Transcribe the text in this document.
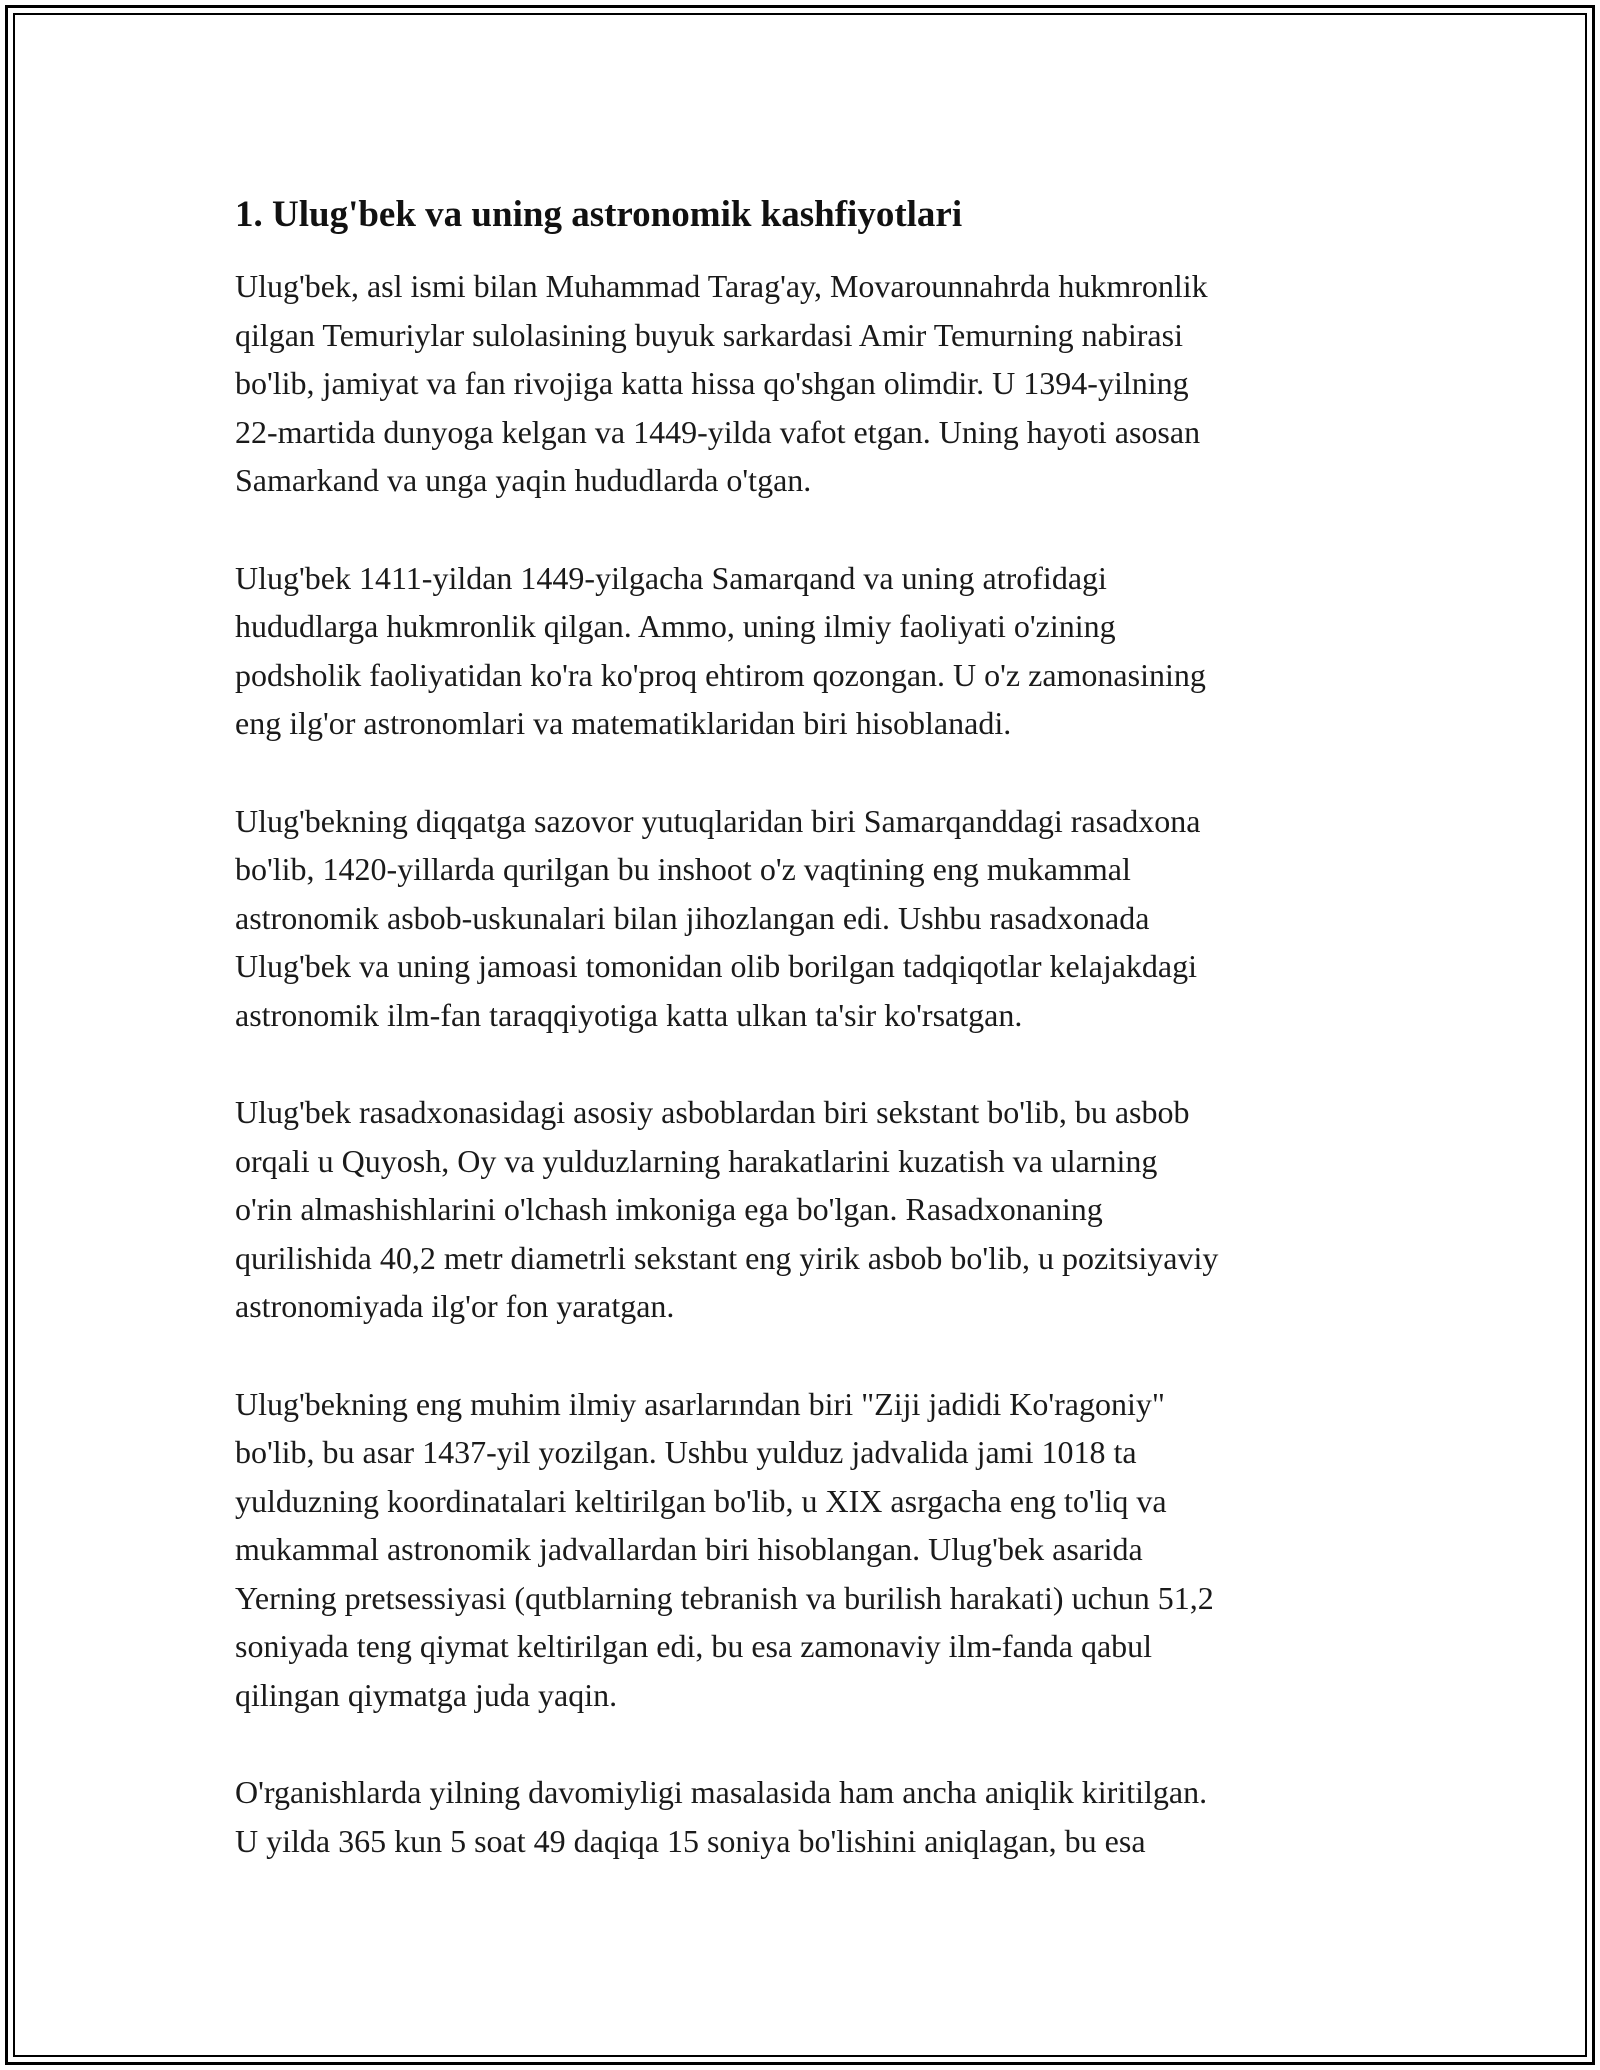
1. Ulug'bek va uning astronomik kashfiyotlari

Ulug'bek, asl ismi bilan Muhammad Tarag'ay, Movarounnahrda hukmronlik
qilgan Temuriylar sulolasining buyuk sarkardasi Amir Temurning nabirasi
bo'lib, jamiyat va fan rivojiga katta hissa qo'shgan olimdir. U 1394-yilning
22-martida dunyoga kelgan va 1449-yilda vafot etgan. Uning hayoti asosan
Samarkand va unga yaqin hududlarda o'tgan.

Ulug'bek 1411-yildan 1449-yilgacha Samarqand va uning atrofidagi
hududlarga hukmronlik qilgan. Ammo, uning ilmiy faoliyati o'zining
podsholik faoliyatidan ko'ra ko'proq ehtirom qozongan. U o'z zamonasining
eng ilg'or astronomlari va matematiklaridan biri hisoblanadi.

Ulug'bekning diqqatga sazovor yutuqlaridan biri Samarqanddagi rasadxona
bo'lib, 1420-yillarda qurilgan bu inshoot o'z vaqtining eng mukammal
astronomik asbob-uskunalari bilan jihozlangan edi. Ushbu rasadxonada
Ulug'bek va uning jamoasi tomonidan olib borilgan tadqiqotlar kelajakdagi
astronomik ilm-fan taraqqiyotiga katta ulkan ta'sir ko'rsatgan.

Ulug'bek rasadxonasidagi asosiy asboblardan biri sekstant bo'lib, bu asbob
orqali u Quyosh, Oy va yulduzlarning harakatlarini kuzatish va ularning
o'rin almashishlarini o'lchash imkoniga ega bo'lgan. Rasadxonaning
qurilishida 40,2 metr diametrli sekstant eng yirik asbob bo'lib, u pozitsiyaviy
astronomiyada ilg'or fon yaratgan.

Ulug'bekning eng muhim ilmiy asarlarından biri "Ziji jadidi Ko'ragoniy"
bo'lib, bu asar 1437-yil yozilgan. Ushbu yulduz jadvalida jami 1018 ta
yulduzning koordinatalari keltirilgan bo'lib, u XIX asrgacha eng to'liq va
mukammal astronomik jadvallardan biri hisoblangan. Ulug'bek asarida
Yerning pretsessiyasi (qutblarning tebranish va burilish harakati) uchun 51,2
soniyada teng qiymat keltirilgan edi, bu esa zamonaviy ilm-fanda qabul
qilingan qiymatga juda yaqin.

O'rganishlarda yilning davomiyligi masalasida ham ancha aniqlik kiritilgan.
U yilda 365 kun 5 soat 49 daqiqa 15 soniya bo'lishini aniqlagan, bu esa
